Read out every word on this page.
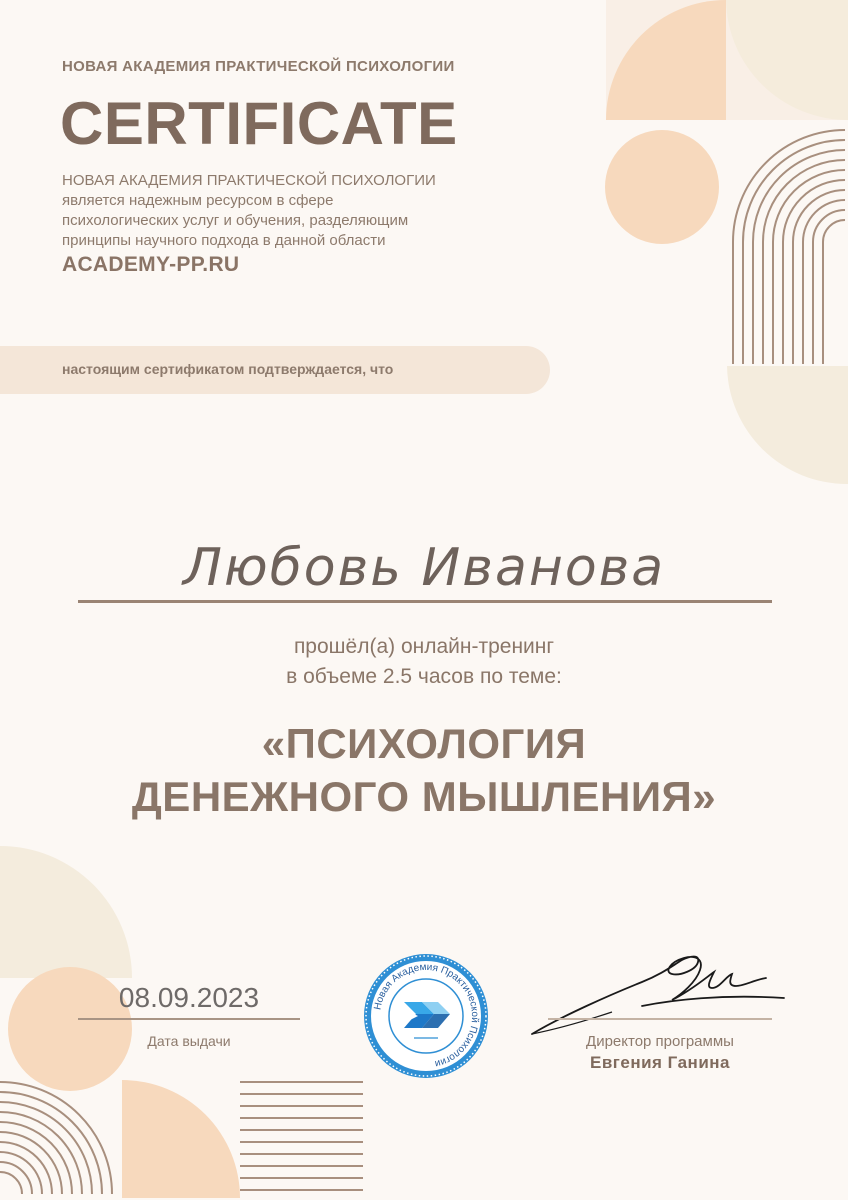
НОВАЯ АКАДЕМИЯ ПРАКТИЧЕСКОЙ ПСИХОЛОГИИ
CERTIFICATE
НОВАЯ АКАДЕМИЯ ПРАКТИЧЕСКОЙ ПСИХОЛОГИИ
является надежным ресурсом в сфере
психологических услуг и обучения, разделяющим
принципы научного подхода в данной области
ACADEMY-PP.RU
настоящим сертификатом подтверждается, что
Любовь Иванова
прошёл(а) онлайн-тренинг
в объеме 2.5 часов по теме:
«ПСИХОЛОГИЯ
ДЕНЕЖНОГО МЫШЛЕНИЯ»
08.09.2023
Дата выдачи
Новая Академия Практической Психологии
Директор программы
Евгения Ганина
